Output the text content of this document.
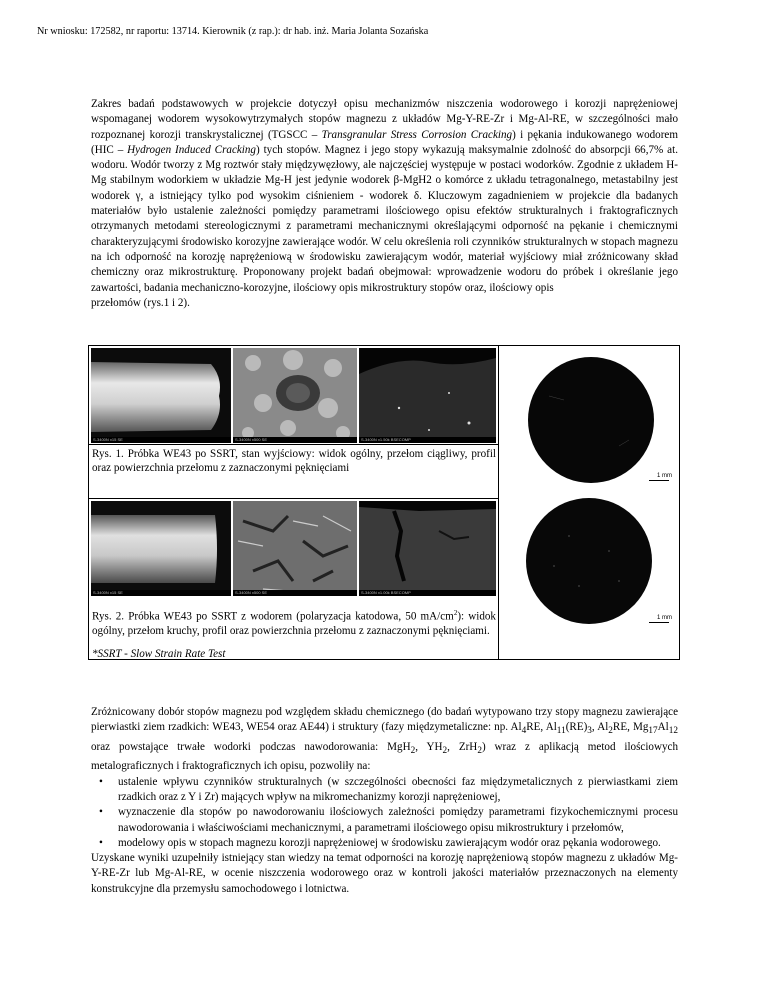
Nr wniosku: 172582, nr raportu: 13714. Kierownik (z rap.): dr hab. inż. Maria Jolanta Sozańska

Zakres badań podstawowych w projekcie dotyczył opisu mechanizmów niszczenia wodorowego i korozji naprężeniowej wspomaganej wodorem wysokowytrzymałych stopów magnezu z układów Mg-Y-RE-Zr i Mg-Al-RE, w szczególności mało rozpoznanej korozji transkrystalicznej (TGSCC – Transgranular Stress Corrosion Cracking) i pękania indukowanego wodorem (HIC – Hydrogen Induced Cracking) tych stopów. Magnez i jego stopy wykazują maksymalnie zdolność do absorpcji 66,7% at. wodoru. Wodór tworzy z Mg roztwór stały międzywęzłowy, ale najczęściej występuje w postaci wodorków. Zgodnie z układem H-Mg stabilnym wodorkiem w układzie Mg-H jest jedynie wodorek β-MgH2 o komórce z układu tetragonalnego, metastabilny jest wodorek γ, a istniejący tylko pod wysokim ciśnieniem - wodorek δ. Kluczowym zagadnieniem w projekcie dla badanych materiałów było ustalenie zależności pomiędzy parametrami ilościowego opisu efektów strukturalnych i fraktograficznych otrzymanych metodami stereologicznymi z parametrami mechanicznymi określającymi odporność na pękanie i chemicznymi charakteryzującymi środowisko korozyjne zawierające wodór. W celu określenia roli czynników strukturalnych w stopach magnezu na ich odporność na korozję naprężeniową w środowisku zawierającym wodór, materiał wyjściowy miał zróżnicowany skład chemiczny oraz mikrostrukturę. Proponowany projekt badań obejmował: wprowadzenie wodoru do próbek i określanie jego zawartości, badania mechaniczno-korozyjne, ilościowy opis mikrostruktury stopów oraz, ilościowy opis
przełomów (rys.1 i 2).

S-3400N x15 SE	S-3400N x500 SE	S-3400N x1.50k BSECOMP
1 mm
Rys. 1. Próbka WE43 po SSRT, stan wyjściowy: widok ogólny, przełom ciągliwy, profil oraz powierzchnia przełomu z zaznaczonymi pęknięciami
S-3400N x15 SE	S-3400N x500 SE	S-3400N x1.00k BSECOMP
1 mm
Rys. 2. Próbka WE43 po SSRT z wodorem (polaryzacja katodowa, 50 $mA/cm^2$): widok ogólny, przełom kruchy, profil oraz powierzchnia przełomu z zaznaczonymi pęknięciami.
*SSRT - Slow Strain Rate Test
Zróżnicowany dobór stopów magnezu pod względem składu chemicznego (do badań wytypowano trzy stopy magnezu zawierające pierwiastki ziem rzadkich: WE43, WE54 oraz AE44) i struktury (fazy międzymetaliczne: np. $Al_4RE$, $Al_{11}(RE)_3$, $Al_2RE$, $Mg_{17}Al_{12}$ oraz powstające trwałe wodorki podczas nawodorowania: MgH$_2$, $YH_2$, ZrH$_2$) wraz z aplikacją metod ilościowych metalograficznych i fraktograficznych ich opisu, pozwoliły na:
• ustalenie wpływu czynników strukturalnych (w szczególności obecności faz międzymetalicznych z pierwiastkami ziem rzadkich oraz z Y i Zr) mających wpływ na mikromechanizmy korozji naprężeniowej,
• wyznaczenie dla stopów po nawodorowaniu ilościowych zależności pomiędzy parametrami fizykochemicznymi procesu nawodorowania i właściwościami mechanicznymi, a parametrami ilościowego opisu mikrostruktury i przełomów,
• modelowy opis w stopach magnezu korozji naprężeniowej w środowisku zawierającym wodór oraz pękania wodorowego.
Uzyskane wyniki uzupełniły istniejący stan wiedzy na temat odporności na korozję naprężeniową stopów magnezu z układów Mg-Y-RE-Zr lub Mg-Al-RE, w ocenie niszczenia wodorowego oraz w kontroli jakości materiałów przeznaczonych na elementy konstrukcyjne dla przemysłu samochodowego i lotnictwa.
